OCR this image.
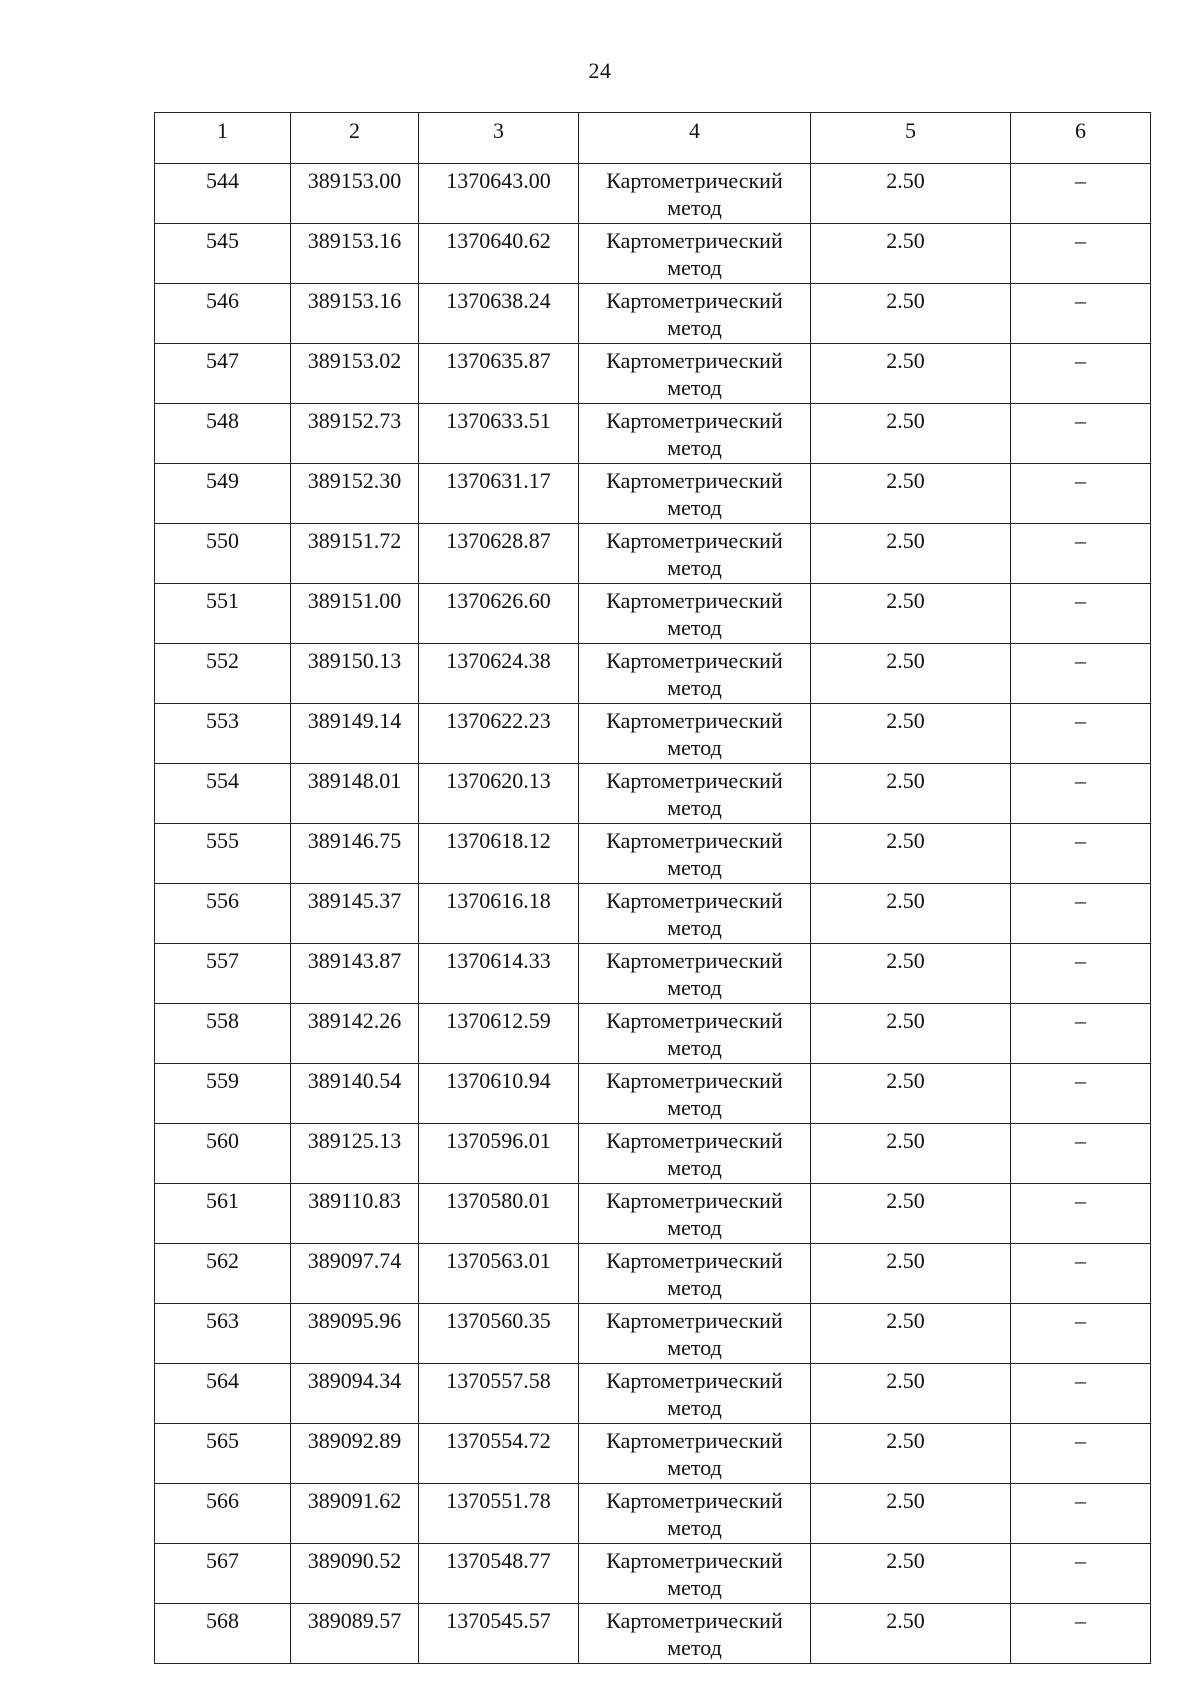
24
1	2	3	4	5	6
544	389153.00	1370643.00	Картометрический метод	2.50	–
545	389153.16	1370640.62	Картометрический метод	2.50	–
546	389153.16	1370638.24	Картометрический метод	2.50	–
547	389153.02	1370635.87	Картометрический метод	2.50	–
548	389152.73	1370633.51	Картометрический метод	2.50	–
549	389152.30	1370631.17	Картометрический метод	2.50	–
550	389151.72	1370628.87	Картометрический метод	2.50	–
551	389151.00	1370626.60	Картометрический метод	2.50	–
552	389150.13	1370624.38	Картометрический метод	2.50	–
553	389149.14	1370622.23	Картометрический метод	2.50	–
554	389148.01	1370620.13	Картометрический метод	2.50	–
555	389146.75	1370618.12	Картометрический метод	2.50	–
556	389145.37	1370616.18	Картометрический метод	2.50	–
557	389143.87	1370614.33	Картометрический метод	2.50	–
558	389142.26	1370612.59	Картометрический метод	2.50	–
559	389140.54	1370610.94	Картометрический метод	2.50	–
560	389125.13	1370596.01	Картометрический метод	2.50	–
561	389110.83	1370580.01	Картометрический метод	2.50	–
562	389097.74	1370563.01	Картометрический метод	2.50	–
563	389095.96	1370560.35	Картометрический метод	2.50	–
564	389094.34	1370557.58	Картометрический метод	2.50	–
565	389092.89	1370554.72	Картометрический метод	2.50	–
566	389091.62	1370551.78	Картометрический метод	2.50	–
567	389090.52	1370548.77	Картометрический метод	2.50	–
568	389089.57	1370545.57	Картометрический метод	2.50	–
